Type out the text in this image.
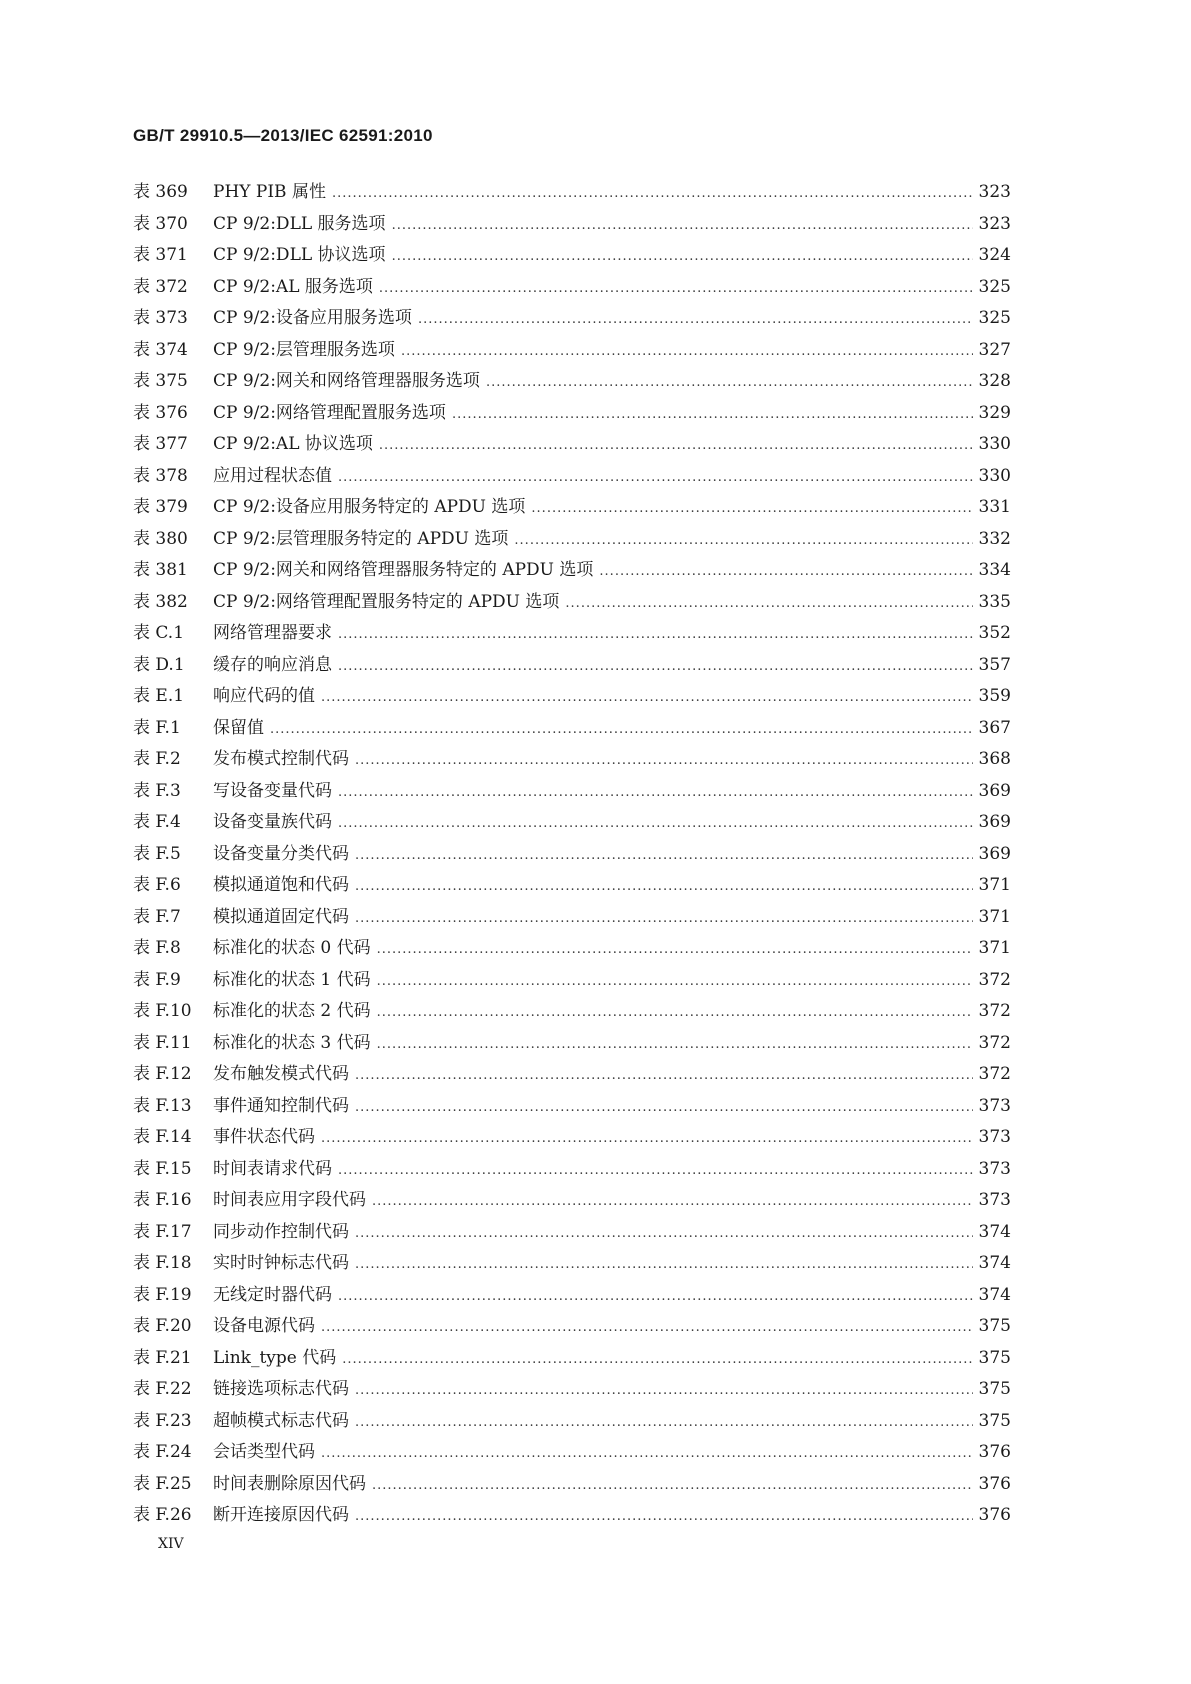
GB/T 29910.5—2013/IEC 62591:2010
表 369	PHY PIB 属性 .....	323
表 370	CP 9/2:DLL 服务选项 .....	323
表 371	CP 9/2:DLL 协议选项 .....	324
表 372	CP 9/2:AL 服务选项 .....	325
表 373	CP 9/2:设备应用服务选项 .....	325
表 374	CP 9/2:层管理服务选项 .....	327
表 375	CP 9/2:网关和网络管理器服务选项 .....	328
表 376	CP 9/2:网络管理配置服务选项 .....	329
表 377	CP 9/2:AL 协议选项 .....	330
表 378	应用过程状态值 .....	330
表 379	CP 9/2:设备应用服务特定的 APDU 选项 .....	331
表 380	CP 9/2:层管理服务特定的 APDU 选项 .....	332
表 381	CP 9/2:网关和网络管理器服务特定的 APDU 选项 .....	334
表 382	CP 9/2:网络管理配置服务特定的 APDU 选项 .....	335
表 C.1	网络管理器要求 .....	352
表 D.1	缓存的响应消息 .....	357
表 E.1	响应代码的值 .....	359
表 F.1	保留值 .....	367
表 F.2	发布模式控制代码 .....	368
表 F.3	写设备变量代码 .....	369
表 F.4	设备变量族代码 .....	369
表 F.5	设备变量分类代码 .....	369
表 F.6	模拟通道饱和代码 .....	371
表 F.7	模拟通道固定代码 .....	371
表 F.8	标准化的状态 0 代码 .....	371
表 F.9	标准化的状态 1 代码 .....	372
表 F.10	标准化的状态 2 代码 .....	372
表 F.11	标准化的状态 3 代码 .....	372
表 F.12	发布触发模式代码 .....	372
表 F.13	事件通知控制代码 .....	373
表 F.14	事件状态代码 .....	373
表 F.15	时间表请求代码 .....	373
表 F.16	时间表应用字段代码 .....	373
表 F.17	同步动作控制代码 .....	374
表 F.18	实时时钟标志代码 .....	374
表 F.19	无线定时器代码 .....	374
表 F.20	设备电源代码 .....	375
表 F.21	Link_type 代码 .....	375
表 F.22	链接选项标志代码 .....	375
表 F.23	超帧模式标志代码 .....	375
表 F.24	会话类型代码 .....	376
表 F.25	时间表删除原因代码 .....	376
表 F.26	断开连接原因代码 .....	376
XIV
